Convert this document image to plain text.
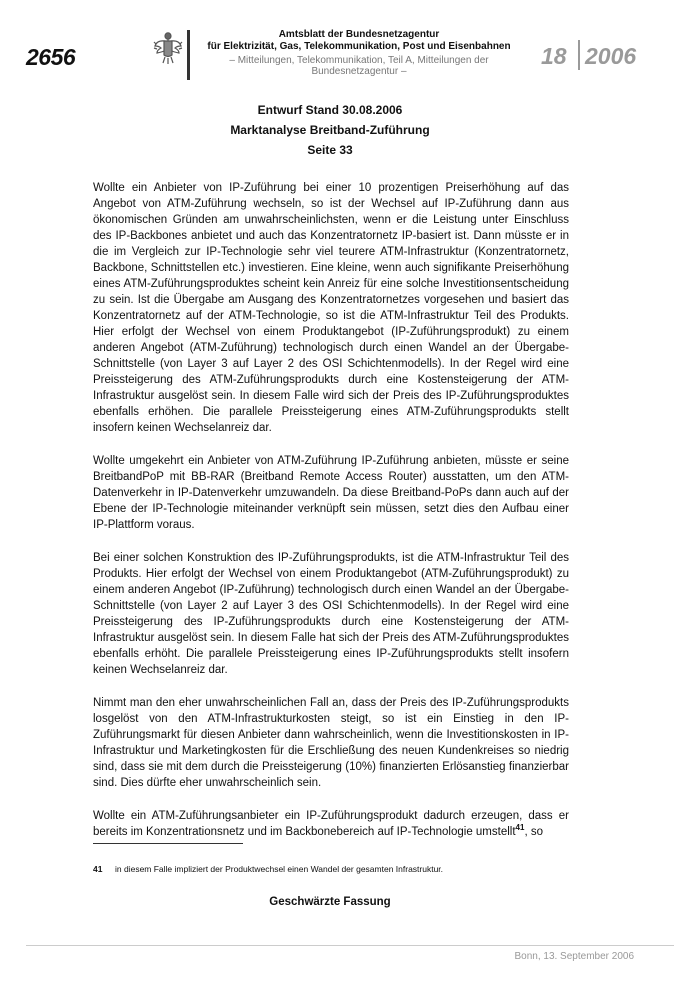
2656
Amtsblatt der Bundesnetzagentur
für Elektrizität, Gas, Telekommunikation, Post und Eisenbahnen
– Mitteilungen, Telekommunikation, Teil A, Mitteilungen der Bundesnetzagentur –
18 2006
Entwurf Stand 30.08.2006
Marktanalyse Breitband-Zuführung
Seite 33

Wollte ein Anbieter von IP-Zuführung bei einer 10 prozentigen Preiserhöhung auf das Angebot von ATM-Zuführung wechseln, so ist der Wechsel auf IP-Zuführung dann aus ökonomischen Gründen am unwahrscheinlichsten, wenn er die Leistung unter Einschluss des IP-Backbones anbietet und auch das Konzentratornetz IP-basiert ist. Dann müsste er in die im Vergleich zur IP-Technologie sehr viel teurere ATM-Infrastruktur (Konzentratornetz, Backbone, Schnittstellen etc.) investieren. Eine kleine, wenn auch signifikante Preiserhöhung eines ATM-Zuführungsproduktes scheint kein Anreiz für eine solche Investitionsentscheidung zu sein. Ist die Übergabe am Ausgang des Konzentratornetzes vorgesehen und basiert das Konzentratornetz auf der ATM-Technologie, so ist die ATM-Infrastruktur Teil des Produkts. Hier erfolgt der Wechsel von einem Produktangebot (IP-Zuführungsprodukt) zu einem anderen Angebot (ATM-Zuführung) technologisch durch einen Wandel an der Übergabe-Schnittstelle (von Layer 3 auf Layer 2 des OSI Schichtenmodells). In der Regel wird eine Preissteigerung des ATM-Zuführungsprodukts durch eine Kostensteigerung der ATM-Infrastruktur ausgelöst sein. In diesem Falle wird sich der Preis des IP-Zuführungsproduktes ebenfalls erhöhen. Die parallele Preissteigerung eines ATM-Zuführungsprodukts stellt insofern keinen Wechselanreiz dar.

Wollte umgekehrt ein Anbieter von ATM-Zuführung IP-Zuführung anbieten, müsste er seine BreitbandPoP mit BB-RAR (Breitband Remote Access Router) ausstatten, um den ATM-Datenverkehr in IP-Datenverkehr umzuwandeln. Da diese Breitband-PoPs dann auch auf der Ebene der IP-Technologie miteinander verknüpft sein müssen, setzt dies den Aufbau einer IP-Plattform voraus.

Bei einer solchen Konstruktion des IP-Zuführungsprodukts, ist die ATM-Infrastruktur Teil des Produkts. Hier erfolgt der Wechsel von einem Produktangebot (ATM-Zuführungsprodukt) zu einem anderen Angebot (IP-Zuführung) technologisch durch einen Wandel an der Übergabe-Schnittstelle (von Layer 2 auf Layer 3 des OSI Schichtenmodells). In der Regel wird eine Preissteigerung des IP-Zuführungsprodukts durch eine Kostensteigerung der ATM-Infrastruktur ausgelöst sein. In diesem Falle hat sich der Preis des ATM-Zuführungsproduktes ebenfalls erhöht. Die parallele Preissteigerung eines IP-Zuführungsprodukts stellt insofern keinen Wechselanreiz dar.

Nimmt man den eher unwahrscheinlichen Fall an, dass der Preis des IP-Zuführungsprodukts losgelöst von den ATM-Infrastrukturkosten steigt, so ist ein Einstieg in den IP-Zuführungsmarkt für diesen Anbieter dann wahrscheinlich, wenn die Investitionskosten in IP-Infrastruktur und Marketingkosten für die Erschließung des neuen Kundenkreises so niedrig sind, dass sie mit dem durch die Preissteigerung (10%) finanzierten Erlösanstieg finanzierbar sind. Dies dürfte eher unwahrscheinlich sein.

Wollte ein ATM-Zuführungsanbieter ein IP-Zuführungsprodukt dadurch erzeugen, dass er bereits im Konzentrationsnetz und im Backbonebereich auf IP-Technologie umstellt$^{41}$, so

41 in diesem Falle impliziert der Produktwechsel einen Wandel der gesamten Infrastruktur.
Geschwärzte Fassung
Bonn, 13. September 2006
